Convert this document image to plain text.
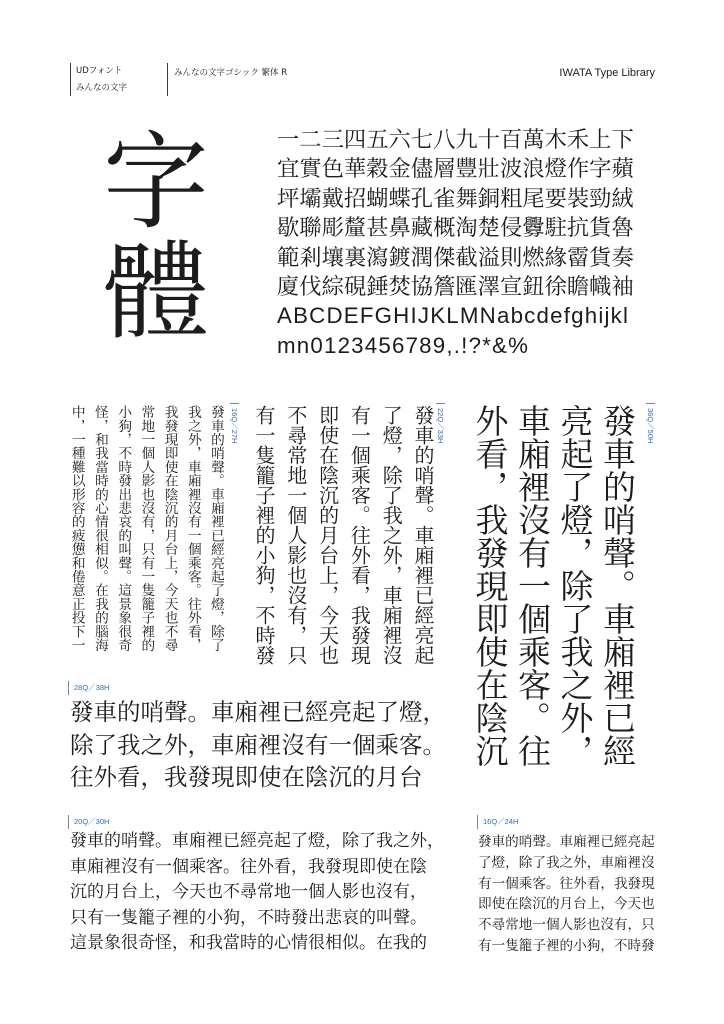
UDフォント
みんなの文字
みんなの文字ゴシック 繁体 R	IWATA Type Library
字
體
一二三四五六七八九十百萬木禾上下
宜實色華穀金儘層豐壯波浪燈作字蘋
坪壩戴招蝴蝶孔雀舞銅粗尾要裝勁絨
歇聯彫釐甚鼻藏概淘楚侵釁駐抗貨魯
範剎壤裏瀉鍍潤傑截溢則燃緣霤貨奏
廈伐綜硯錘焚協簷匯澤宣鈕徐瞻幟袖
ABCDEFGHIJKLMNabcdefghijkl
mn0123456789,.!?*&%
36Q／50H
發車的哨聲。車廂裡已經
亮起了燈，除了我之外，
車廂裡沒有一個乘客。往
外看，我發現即使在陰沉
22Q／33H
發車的哨聲。車廂裡已經亮起
了燈，除了我之外，車廂裡沒
有一個乘客。往外看，我發現
即使在陰沉的月台上，今天也
不尋常地一個人影也沒有，只
有一隻籠子裡的小狗，不時發
16Q／27H
發車的哨聲。車廂裡已經亮起了燈，除了
我之外，車廂裡沒有一個乘客。往外看，
我發現即使在陰沉的月台上，今天也不尋
常地一個人影也沒有，只有一隻籠子裡的
小狗，不時發出悲哀的叫聲。這景象很奇
怪，和我當時的心情很相似。在我的腦海
中，一種難以形容的疲憊和倦意正投下一
28Q／38H
發車的哨聲。車廂裡已經亮起了燈，
除了我之外，車廂裡沒有一個乘客。
往外看，我發現即使在陰沉的月台
20Q／30H
發車的哨聲。車廂裡已經亮起了燈，除了我之外，
車廂裡沒有一個乘客。往外看，我發現即使在陰
沉的月台上，今天也不尋常地一個人影也沒有，
只有一隻籠子裡的小狗，不時發出悲哀的叫聲。
這景象很奇怪，和我當時的心情很相似。在我的
16Q／24H
發車的哨聲。車廂裡已經亮起
了燈，除了我之外，車廂裡沒
有一個乘客。往外看，我發現
即使在陰沉的月台上，今天也
不尋常地一個人影也沒有，只
有一隻籠子裡的小狗，不時發
